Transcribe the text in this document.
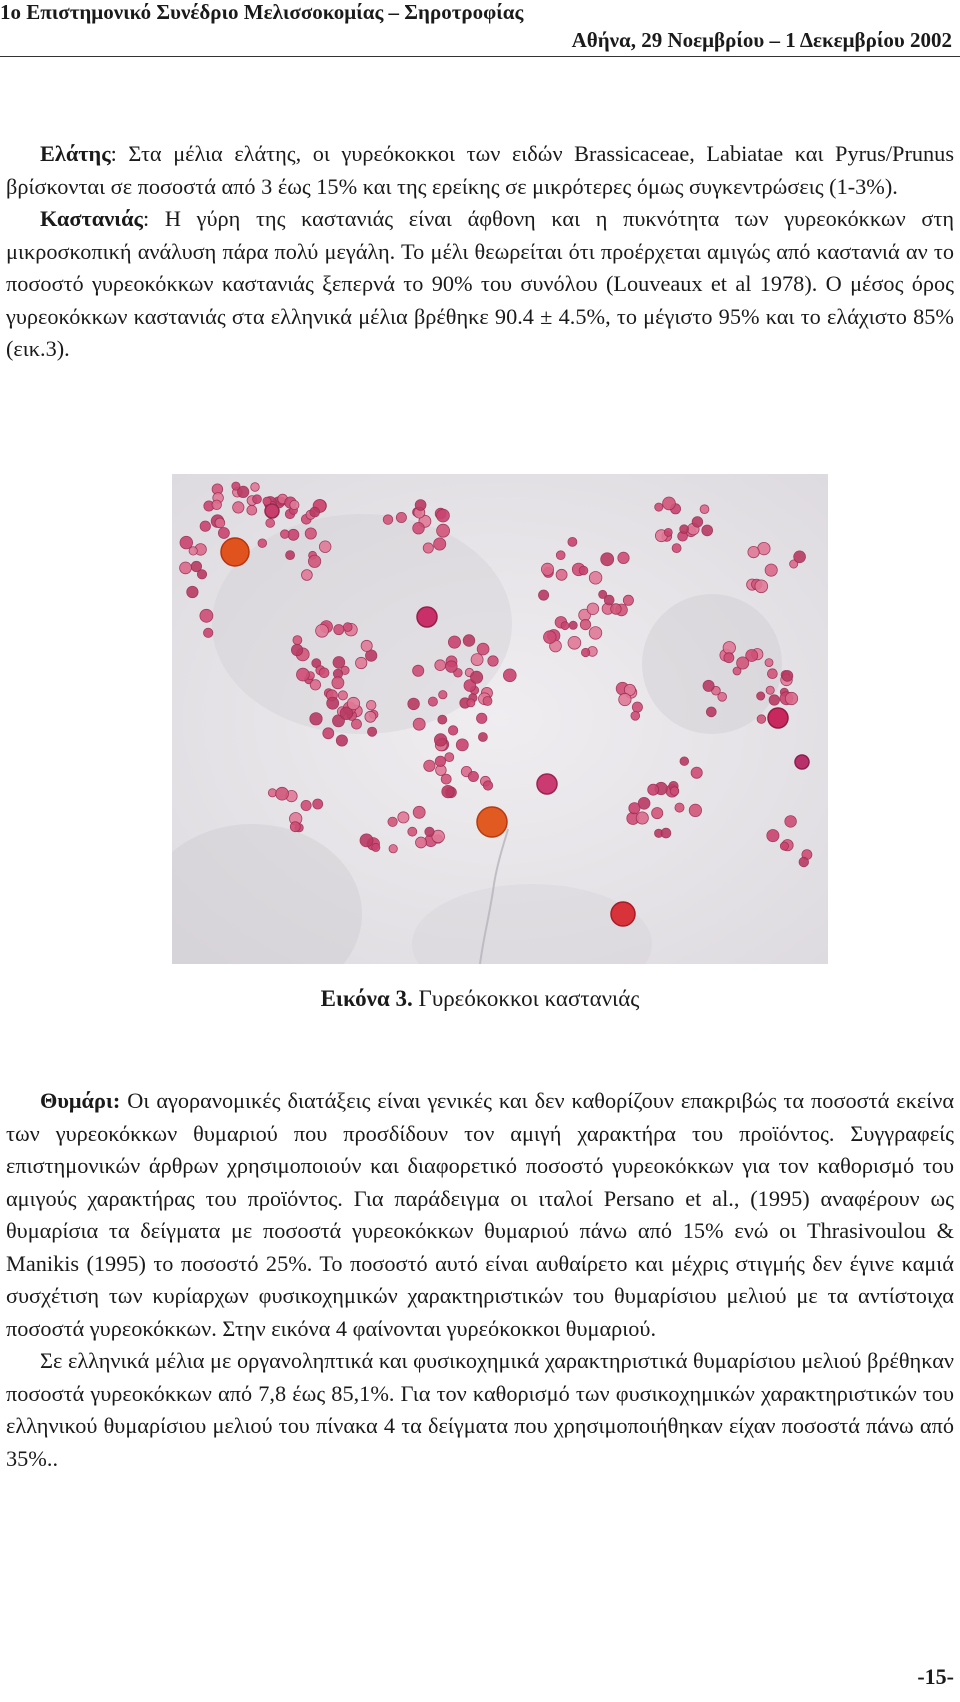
1ο Επιστημονικό Συνέδριο Μελισσοκομίας – Σηροτροφίας
Αθήνα, 29 Νοεμβρίου – 1 Δεκεμβρίου 2002

Ελάτης: Στα μέλια ελάτης, οι γυρεόκοκκοι των ειδών Brassicaceae, Labiatae και Pyrus/Prunus βρίσκονται σε ποσοστά από 3 έως 15% και της ερείκης σε μικρότερες όμως συγκεντρώσεις (1-3%).

Καστανιάς: Η γύρη της καστανιάς είναι άφθονη και η πυκνότητα των γυρεοκόκκων στη μικροσκοπική ανάλυση πάρα πολύ μεγάλη. Το μέλι θεωρείται ότι προέρχεται αμιγώς από καστανιά αν το ποσοστό γυρεοκόκκων καστανιάς ξεπερνά το 90% του συνόλου (Louveaux et al 1978). Ο μέσος όρος γυρεοκόκκων καστανιάς στα ελληνικά μέλια βρέθηκε 90.4 ± 4.5%, το μέγιστο 95% και το ελάχιστο 85% (εικ.3).

Εικόνα 3. Γυρεόκοκκοι καστανιάς

Θυμάρι: Οι αγορανομικές διατάξεις είναι γενικές και δεν καθορίζουν επακριβώς τα ποσοστά εκείνα των γυρεοκόκκων θυμαριού που προσδίδουν τον αμιγή χαρακτήρα του προϊόντος. Συγγραφείς επιστημονικών άρθρων χρησιμοποιούν και διαφορετικό ποσοστό γυρεοκόκκων για τον καθορισμό του αμιγούς χαρακτήρας του προϊόντος. Για παράδειγμα οι ιταλοί Persano et al., (1995) αναφέρουν ως θυμαρίσια τα δείγματα με ποσοστά γυρεοκόκκων θυμαριού πάνω από 15% ενώ οι Thrasivoulou & Manikis (1995) το ποσοστό 25%. Το ποσοστό αυτό είναι αυθαίρετο και μέχρις στιγμής δεν έγινε καμιά συσχέτιση των κυρίαρχων φυσικοχημικών χαρακτηριστικών του θυμαρίσιου μελιού με τα αντίστοιχα ποσοστά γυρεοκόκκων. Στην εικόνα 4 φαίνονται γυρεόκοκκοι θυμαριού.

Σε ελληνικά μέλια με οργανοληπτικά και φυσικοχημικά χαρακτηριστικά θυμαρίσιου μελιού βρέθηκαν ποσοστά γυρεοκόκκων από 7,8 έως 85,1%. Για τον καθορισμό των φυσικοχημικών χαρακτηριστικών του ελληνικού θυμαρίσιου μελιού του πίνακα 4 τα δείγματα που χρησιμοποιήθηκαν είχαν ποσοστά πάνω από 35%..

-15-
